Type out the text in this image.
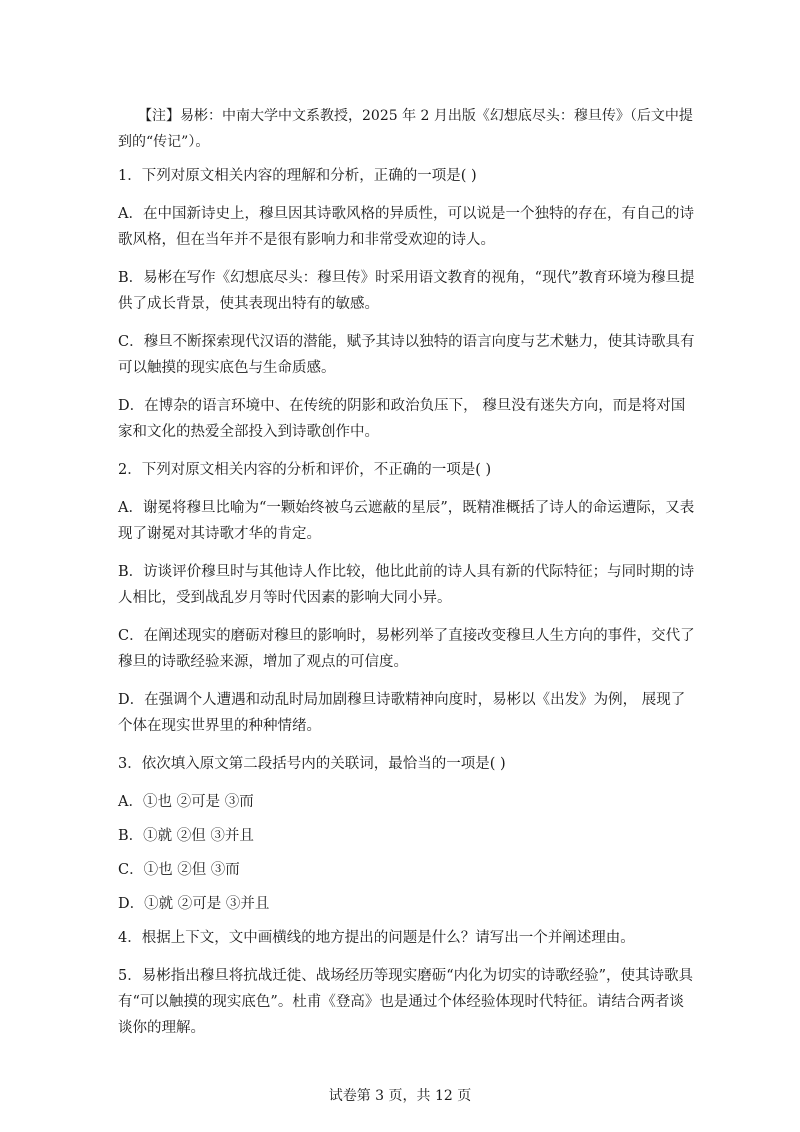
【注】易彬：中南大学中文系教授，2025 年 2 月出版《幻想底尽头：穆旦传》（后文中提到的“传记”）。

1．下列对原文相关内容的理解和分析，正确的一项是( )

A．在中国新诗史上，穆旦因其诗歌风格的异质性，可以说是一个独特的存在，有自己的诗歌风格，但在当年并不是很有影响力和非常受欢迎的诗人。

B．易彬在写作《幻想底尽头：穆旦传》时采用语文教育的视角，“现代”教育环境为穆旦提供了成长背景，使其表现出特有的敏感。

C．穆旦不断探索现代汉语的潜能，赋予其诗以独特的语言向度与艺术魅力，使其诗歌具有可以触摸的现实底色与生命质感。

D．在博杂的语言环境中、在传统的阴影和政治负压下， 穆旦没有迷失方向，而是将对国家和文化的热爱全部投入到诗歌创作中。

2．下列对原文相关内容的分析和评价，不正确的一项是( )

A．谢冕将穆旦比喻为“一颗始终被乌云遮蔽的星辰”，既精准概括了诗人的命运遭际，又表现了谢冕对其诗歌才华的肯定。

B．访谈评价穆旦时与其他诗人作比较，他比此前的诗人具有新的代际特征；与同时期的诗人相比，受到战乱岁月等时代因素的影响大同小异。

C．在阐述现实的磨砺对穆旦的影响时，易彬列举了直接改变穆旦人生方向的事件，交代了穆旦的诗歌经验来源，增加了观点的可信度。

D．在强调个人遭遇和动乱时局加剧穆旦诗歌精神向度时，易彬以《出发》为例， 展现了个体在现实世界里的种种情绪。

3．依次填入原文第二段括号内的关联词，最恰当的一项是( )

A．①也 ②可是 ③而

B．①就 ②但 ③并且

C．①也 ②但 ③而

D．①就 ②可是 ③并且

4．根据上下文，文中画横线的地方提出的问题是什么？请写出一个并阐述理由。

5．易彬指出穆旦将抗战迁徙、战场经历等现实磨砺“内化为切实的诗歌经验”，使其诗歌具有“可以触摸的现实底色”。杜甫《登高》也是通过个体经验体现时代特征。请结合两者谈谈你的理解。

试卷第 3 页，共 12 页
